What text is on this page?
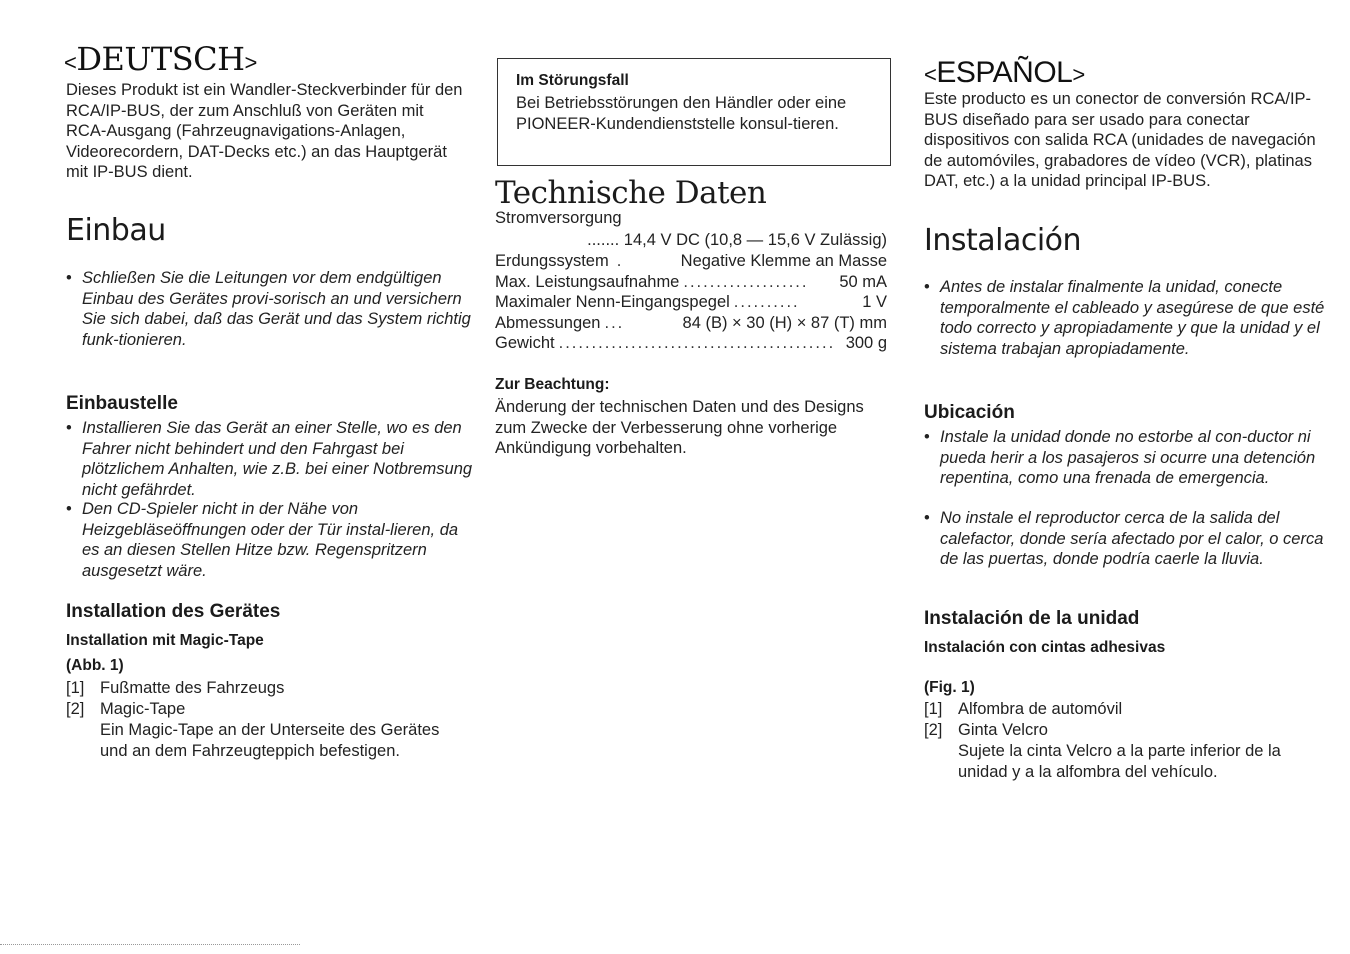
<DEUTSCH>

Dieses Produkt ist ein Wandler-Steckverbinder für den RCA/IP-BUS, der zum Anschluß von Geräten mit RCA-Ausgang (Fahrzeugnavigations-Anlagen, Videorecordern, DAT-Decks etc.) an das Hauptgerät mit IP-BUS dient.

Einbau
• Schließen Sie die Leitungen vor dem endgültigen Einbau des Gerätes provi-sorisch an und versichern Sie sich dabei, daß das Gerät und das System richtig funk-tionieren.
Einbaustelle
• Installieren Sie das Gerät an einer Stelle, wo es den Fahrer nicht behindert und den Fahrgast bei plötzlichem Anhalten, wie z.B. bei einer Notbremsung nicht gefährdet.
• Den CD-Spieler nicht in der Nähe von Heizgebläseöffnungen oder der Tür instal-lieren, da es an diesen Stellen Hitze bzw. Regenspritzern ausgesetzt wäre.
Installation des Gerätes
Installation mit Magic-Tape
(Abb. 1)
[1] Fußmatte des Fahrzeugs
[2] Magic-Tape

Ein Magic-Tape an der Unterseite des Gerätes und an dem Fahrzeugteppich befestigen.

Im Störungsfall
Bei Betriebsstörungen den Händler oder eine PIONEER-Kundendienststelle konsul-tieren.
Technische Daten
Stromversorgung
....... 14,4 V DC (10,8 — 15,6 V Zulässig)
Erdungssystem .	Negative Klemme an Masse
Max. Leistungsaufnahme ...................	50 mA
Maximaler Nenn-Eingangspegel ..........	1 V
Abmessungen ...	84 (B) × 30 (H) × 87 (T) mm
Gewicht .......................................... 300 g
Zur Beachtung:

Änderung der technischen Daten und des Designs zum Zwecke der Verbesserung ohne vorherige Ankündigung vorbehalten.

<ESPAÑOL>

Este producto es un conector de conversión RCA/IP-BUS diseñado para ser usado para conectar dispositivos con salida RCA (unidades de navegación de automóviles, grabadores de vídeo (VCR), platinas DAT, etc.) a la unidad principal IP-BUS.

Instalación
• Antes de instalar finalmente la unidad, conecte temporalmente el cableado y asegúrese de que esté todo correcto y apropiadamente y que la unidad y el sistema trabajan apropiadamente.
Ubicación
• Instale la unidad donde no estorbe al con-ductor ni pueda herir a los pasajeros si ocurre una detención repentina, como una frenada de emergencia.
• No instale el reproductor cerca de la salida del calefactor, donde sería afectado por el calor, o cerca de las puertas, donde podría caerle la lluvia.
Instalación de la unidad
Instalación con cintas adhesivas
(Fig. 1)
[1] Alfombra de automóvil
[2] Ginta Velcro

Sujete la cinta Velcro a la parte inferior de la unidad y a la alfombra del vehículo.
